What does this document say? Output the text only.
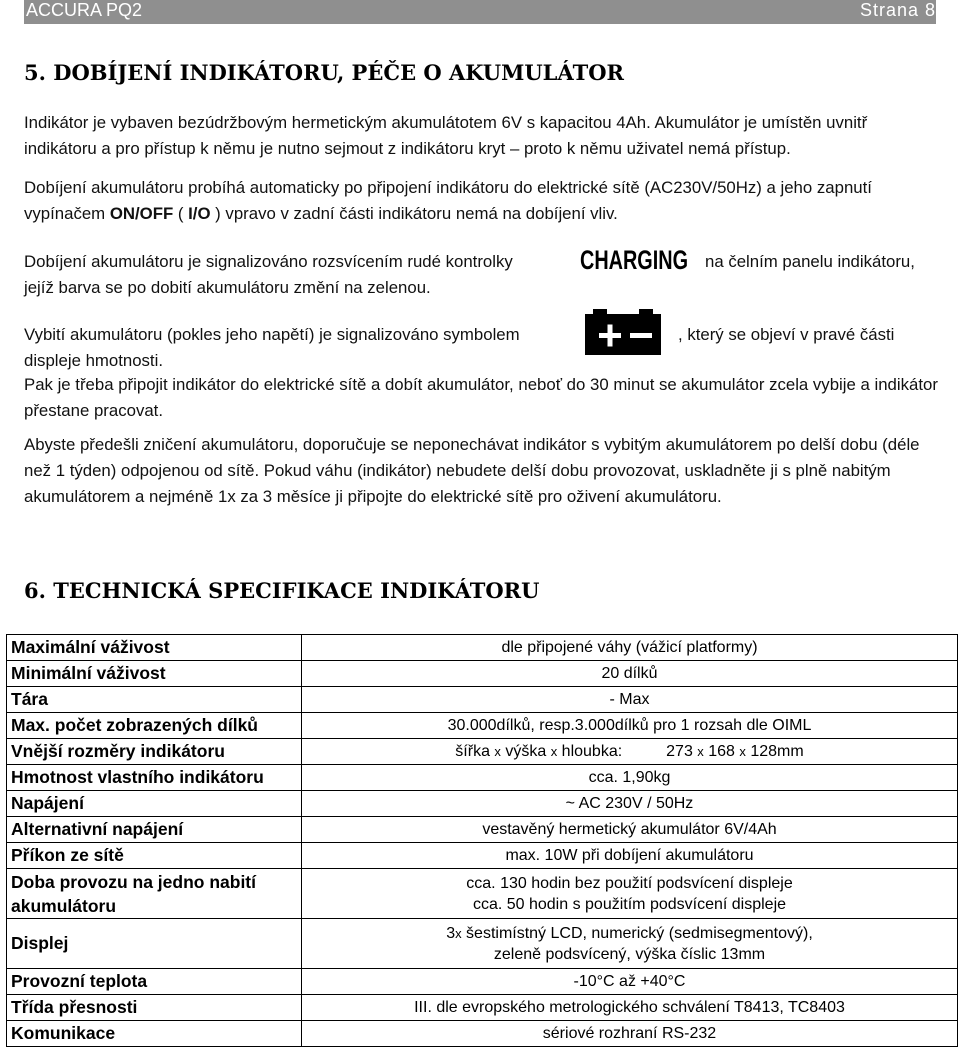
ACCURA PQ2	Strana 8
5. DOBÍJENÍ INDIKÁTORU, PÉČE O AKUMULÁTOR
Indikátor je vybaven bezúdržbovým hermetickým akumulátotem 6V s kapacitou 4Ah. Akumulátor je umístěn uvnitř indikátoru a pro přístup k němu je nutno sejmout z indikátoru kryt – proto k němu uživatel nemá přístup.
Dobíjení akumulátoru probíhá automaticky po připojení indikátoru do elektrické sítě (AC230V/50Hz) a jeho zapnutí vypínačem ON/OFF ( I/O ) vpravo v zadní části indikátoru nemá na dobíjení vliv.
Dobíjení akumulátoru je signalizováno rozsvícením rudé kontrolky	CHARGING na čelním panelu indikátoru,
jejíž barva se po dobití akumulátoru změní na zelenou.
Vybití akumulátoru (pokles jeho napětí) je signalizováno symbolem	, který se objeví v pravé části
displeje hmotnosti.
Pak je třeba připojit indikátor do elektrické sítě a dobít akumulátor, neboť do 30 minut se akumulátor zcela vybije a indikátor přestane pracovat.
Abyste předešli zničení akumulátoru, doporučuje se neponechávat indikátor s vybitým akumulátorem po delší dobu (déle než 1 týden) odpojenou od sítě. Pokud váhu (indikátor) nebudete delší dobu provozovat, uskladněte ji s plně nabitým akumulátorem a nejméně 1x za 3 měsíce ji připojte do elektrické sítě pro oživení akumulátoru.
6. TECHNICKÁ SPECIFIKACE INDIKÁTORU
Maximální váživost	dle připojené váhy (vážicí platformy)
Minimální váživost	20 dílků
Tára	- Max
Max. počet zobrazených dílků	30.000dílků, resp.3.000dílků pro 1 rozsah dle OIML
Vnější rozměry indikátoru	šířka x výška x hloubka: 273 x 168 x 128mm
Hmotnost vlastního indikátoru	cca. 1,90kg
Napájení	~ AC 230V / 50Hz
Alternativní napájení	vestavěný hermetický akumulátor 6V/4Ah
Příkon ze sítě	max. 10W při dobíjení akumulátoru
Doba provozu na jedno nabití
akumulátoru	cca. 130 hodin bez použití podsvícení displeje
cca. 50 hodin s použitím podsvícení displeje
Displej	3x šestimístný LCD, numerický (sedmisegmentový),
zeleně podsvícený, výška číslic 13mm
Provozní teplota	-10°C až +40°C
Třída přesnosti	III. dle evropského metrologického schválení T8413, TC8403
Komunikace	sériové rozhraní RS-232
